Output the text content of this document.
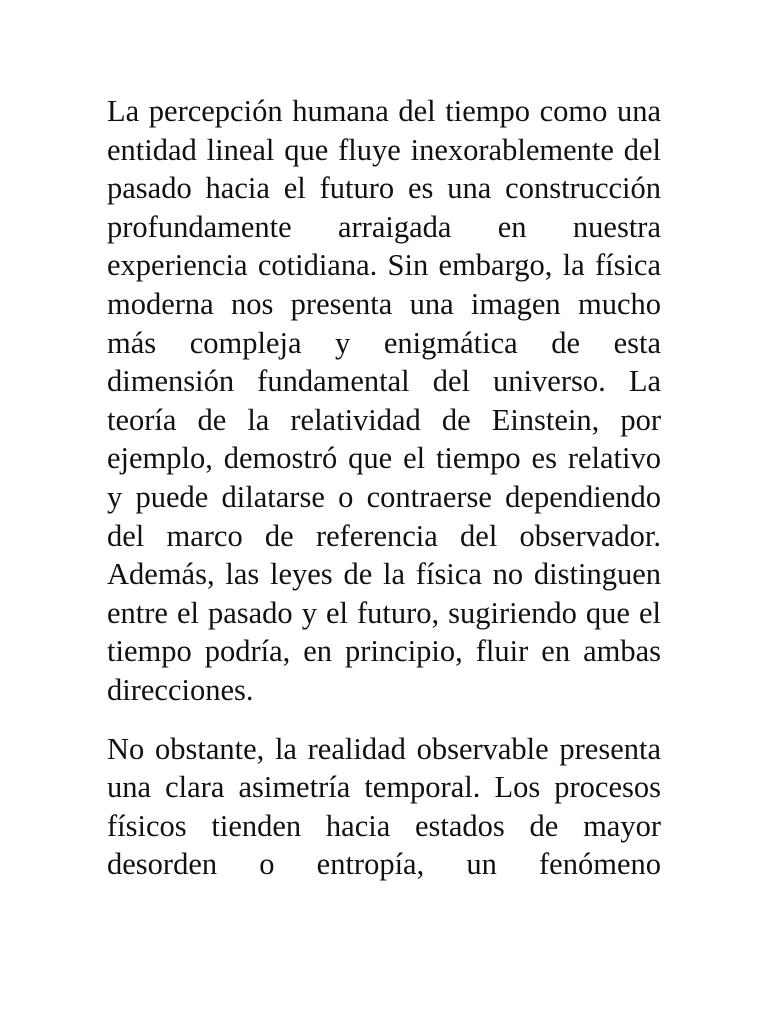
La percepción humana del tiempo como una entidad lineal que fluye inexorablemente del pasado hacia el futuro es una construcción profundamente arraigada en nuestra experiencia cotidiana. Sin embargo, la física moderna nos presenta una imagen mucho más compleja y enigmática de esta dimensión fundamental del universo. La teoría de la relatividad de Einstein, por ejemplo, demostró que el tiempo es relativo y puede dilatarse o contraerse dependiendo del marco de referencia del observador. Además, las leyes de la física no distinguen entre el pasado y el futuro, sugiriendo que el tiempo podría, en principio, fluir en ambas direcciones.

No obstante, la realidad observable presenta una clara asimetría temporal. Los procesos físicos tienden hacia estados de mayor desorden o entropía, un fenómeno
